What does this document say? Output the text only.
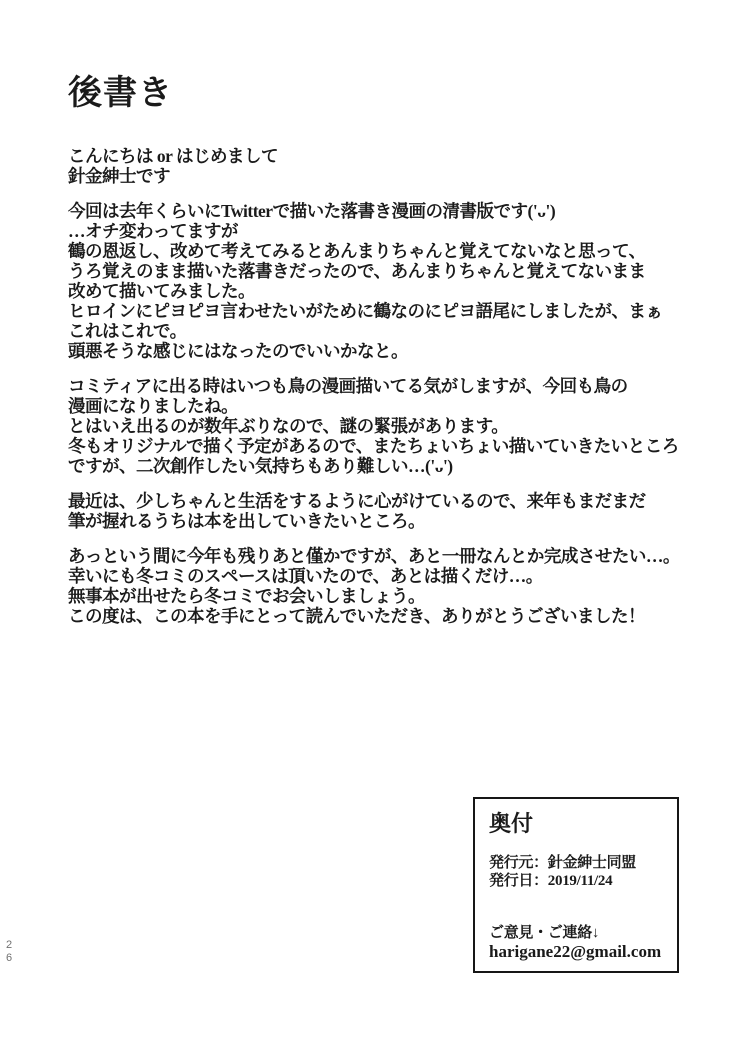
後書き
こんにちは or はじめまして
針金紳士です
今回は去年くらいにTwitterで描いた落書き漫画の清書版です('ᴗ')
…オチ変わってますが
鶴の恩返し、改めて考えてみるとあんまりちゃんと覚えてないなと思って、
うろ覚えのまま描いた落書きだったので、あんまりちゃんと覚えてないまま
改めて描いてみました。
ヒロインにピヨピヨ言わせたいがために鶴なのにピヨ語尾にしましたが、まぁ
これはこれで。
頭悪そうな感じにはなったのでいいかなと。
コミティアに出る時はいつも鳥の漫画描いてる気がしますが、今回も鳥の
漫画になりましたね。
とはいえ出るのが数年ぶりなので、謎の緊張があります。
冬もオリジナルで描く予定があるので、またちょいちょい描いていきたいところ
ですが、二次創作したい気持ちもあり難しい…('ᴗ')
最近は、少しちゃんと生活をするように心がけているので、来年もまだまだ
筆が握れるうちは本を出していきたいところ。
あっという間に今年も残りあと僅かですが、あと一冊なんとか完成させたい…。
幸いにも冬コミのスペースは頂いたので、あとは描くだけ…。
無事本が出せたら冬コミでお会いしましょう。
この度は、この本を手にとって読んでいただき、ありがとうございました！
奥付
発行元：針金紳士同盟
発行日：2019/11/24
ご意見・ご連絡↓
harigane22@gmail.com
26
